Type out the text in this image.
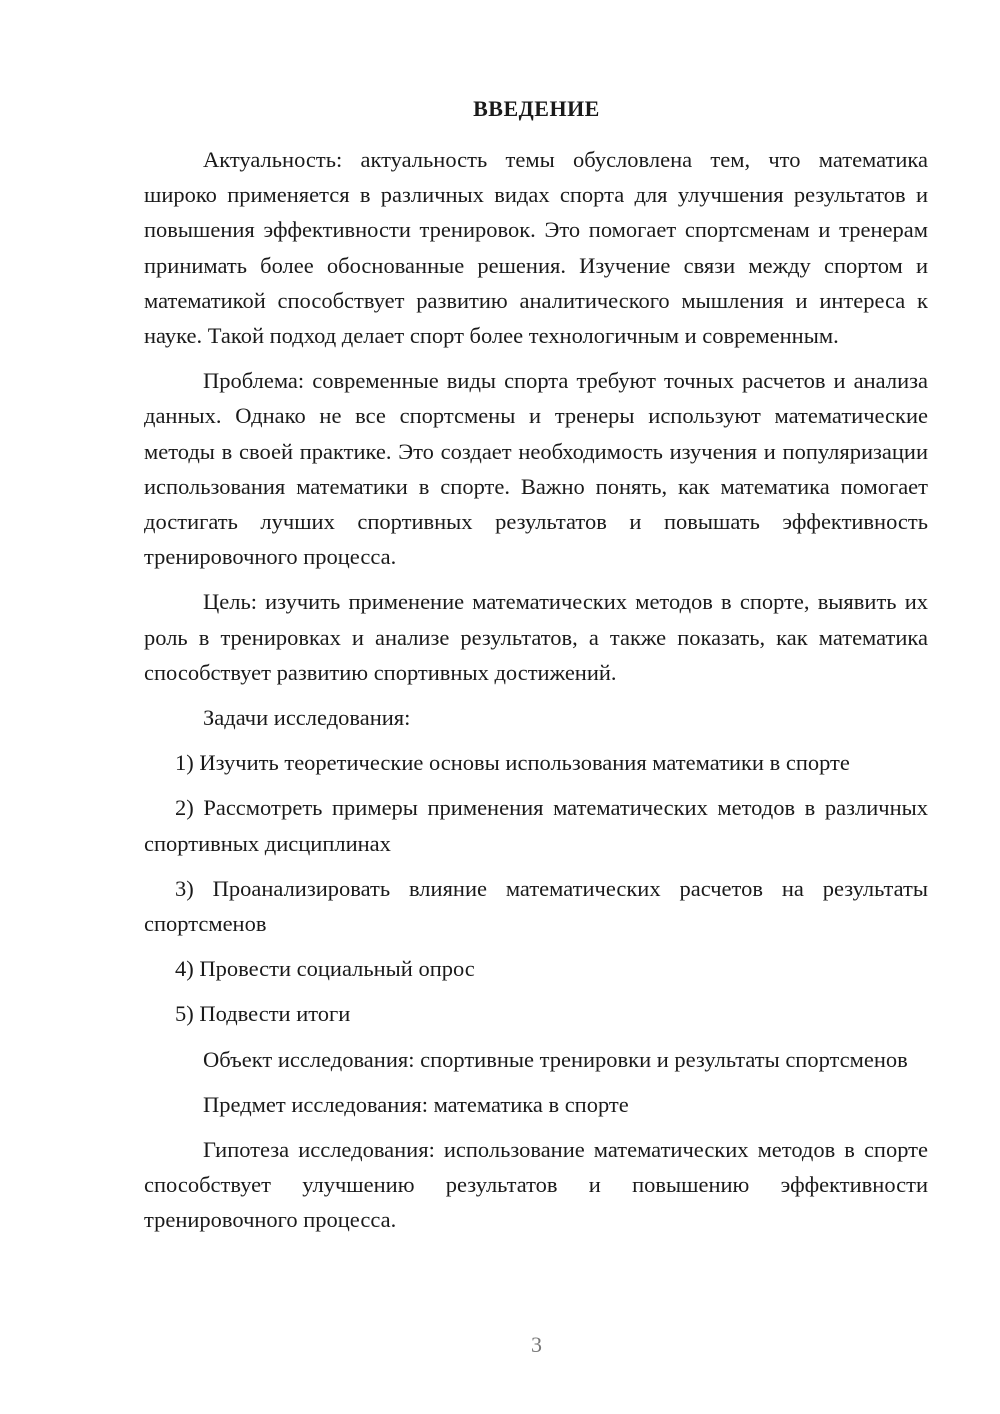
ВВЕДЕНИЕ

Актуальность: актуальность темы обусловлена тем, что математика широко применяется в различных видах спорта для улучшения результатов и повышения эффективности тренировок. Это помогает спортсменам и тренерам принимать более обоснованные решения. Изучение связи между спортом и математикой способствует развитию аналитического мышления и интереса к науке. Такой подход делает спорт более технологичным и современным.

Проблема: современные виды спорта требуют точных расчетов и анализа данных. Однако не все спортсмены и тренеры используют математические методы в своей практике. Это создает необходимость изучения и популяризации использования математики в спорте. Важно понять, как математика помогает достигать лучших спортивных результатов и повышать эффективность тренировочного процесса.

Цель: изучить применение математических методов в спорте, выявить их роль в тренировках и анализе результатов, а также показать, как математика способствует развитию спортивных достижений.

Задачи исследования:

1) Изучить теоретические основы использования математики в спорте

2) Рассмотреть примеры применения математических методов в различных спортивных дисциплинах

3) Проанализировать влияние математических расчетов на результаты спортсменов

4) Провести социальный опрос

5) Подвести итоги

Объект исследования: спортивные тренировки и результаты спортсменов

Предмет исследования: математика в спорте

Гипотеза исследования: использование математических методов в спорте способствует улучшению результатов и повышению эффективности тренировочного процесса.

3
